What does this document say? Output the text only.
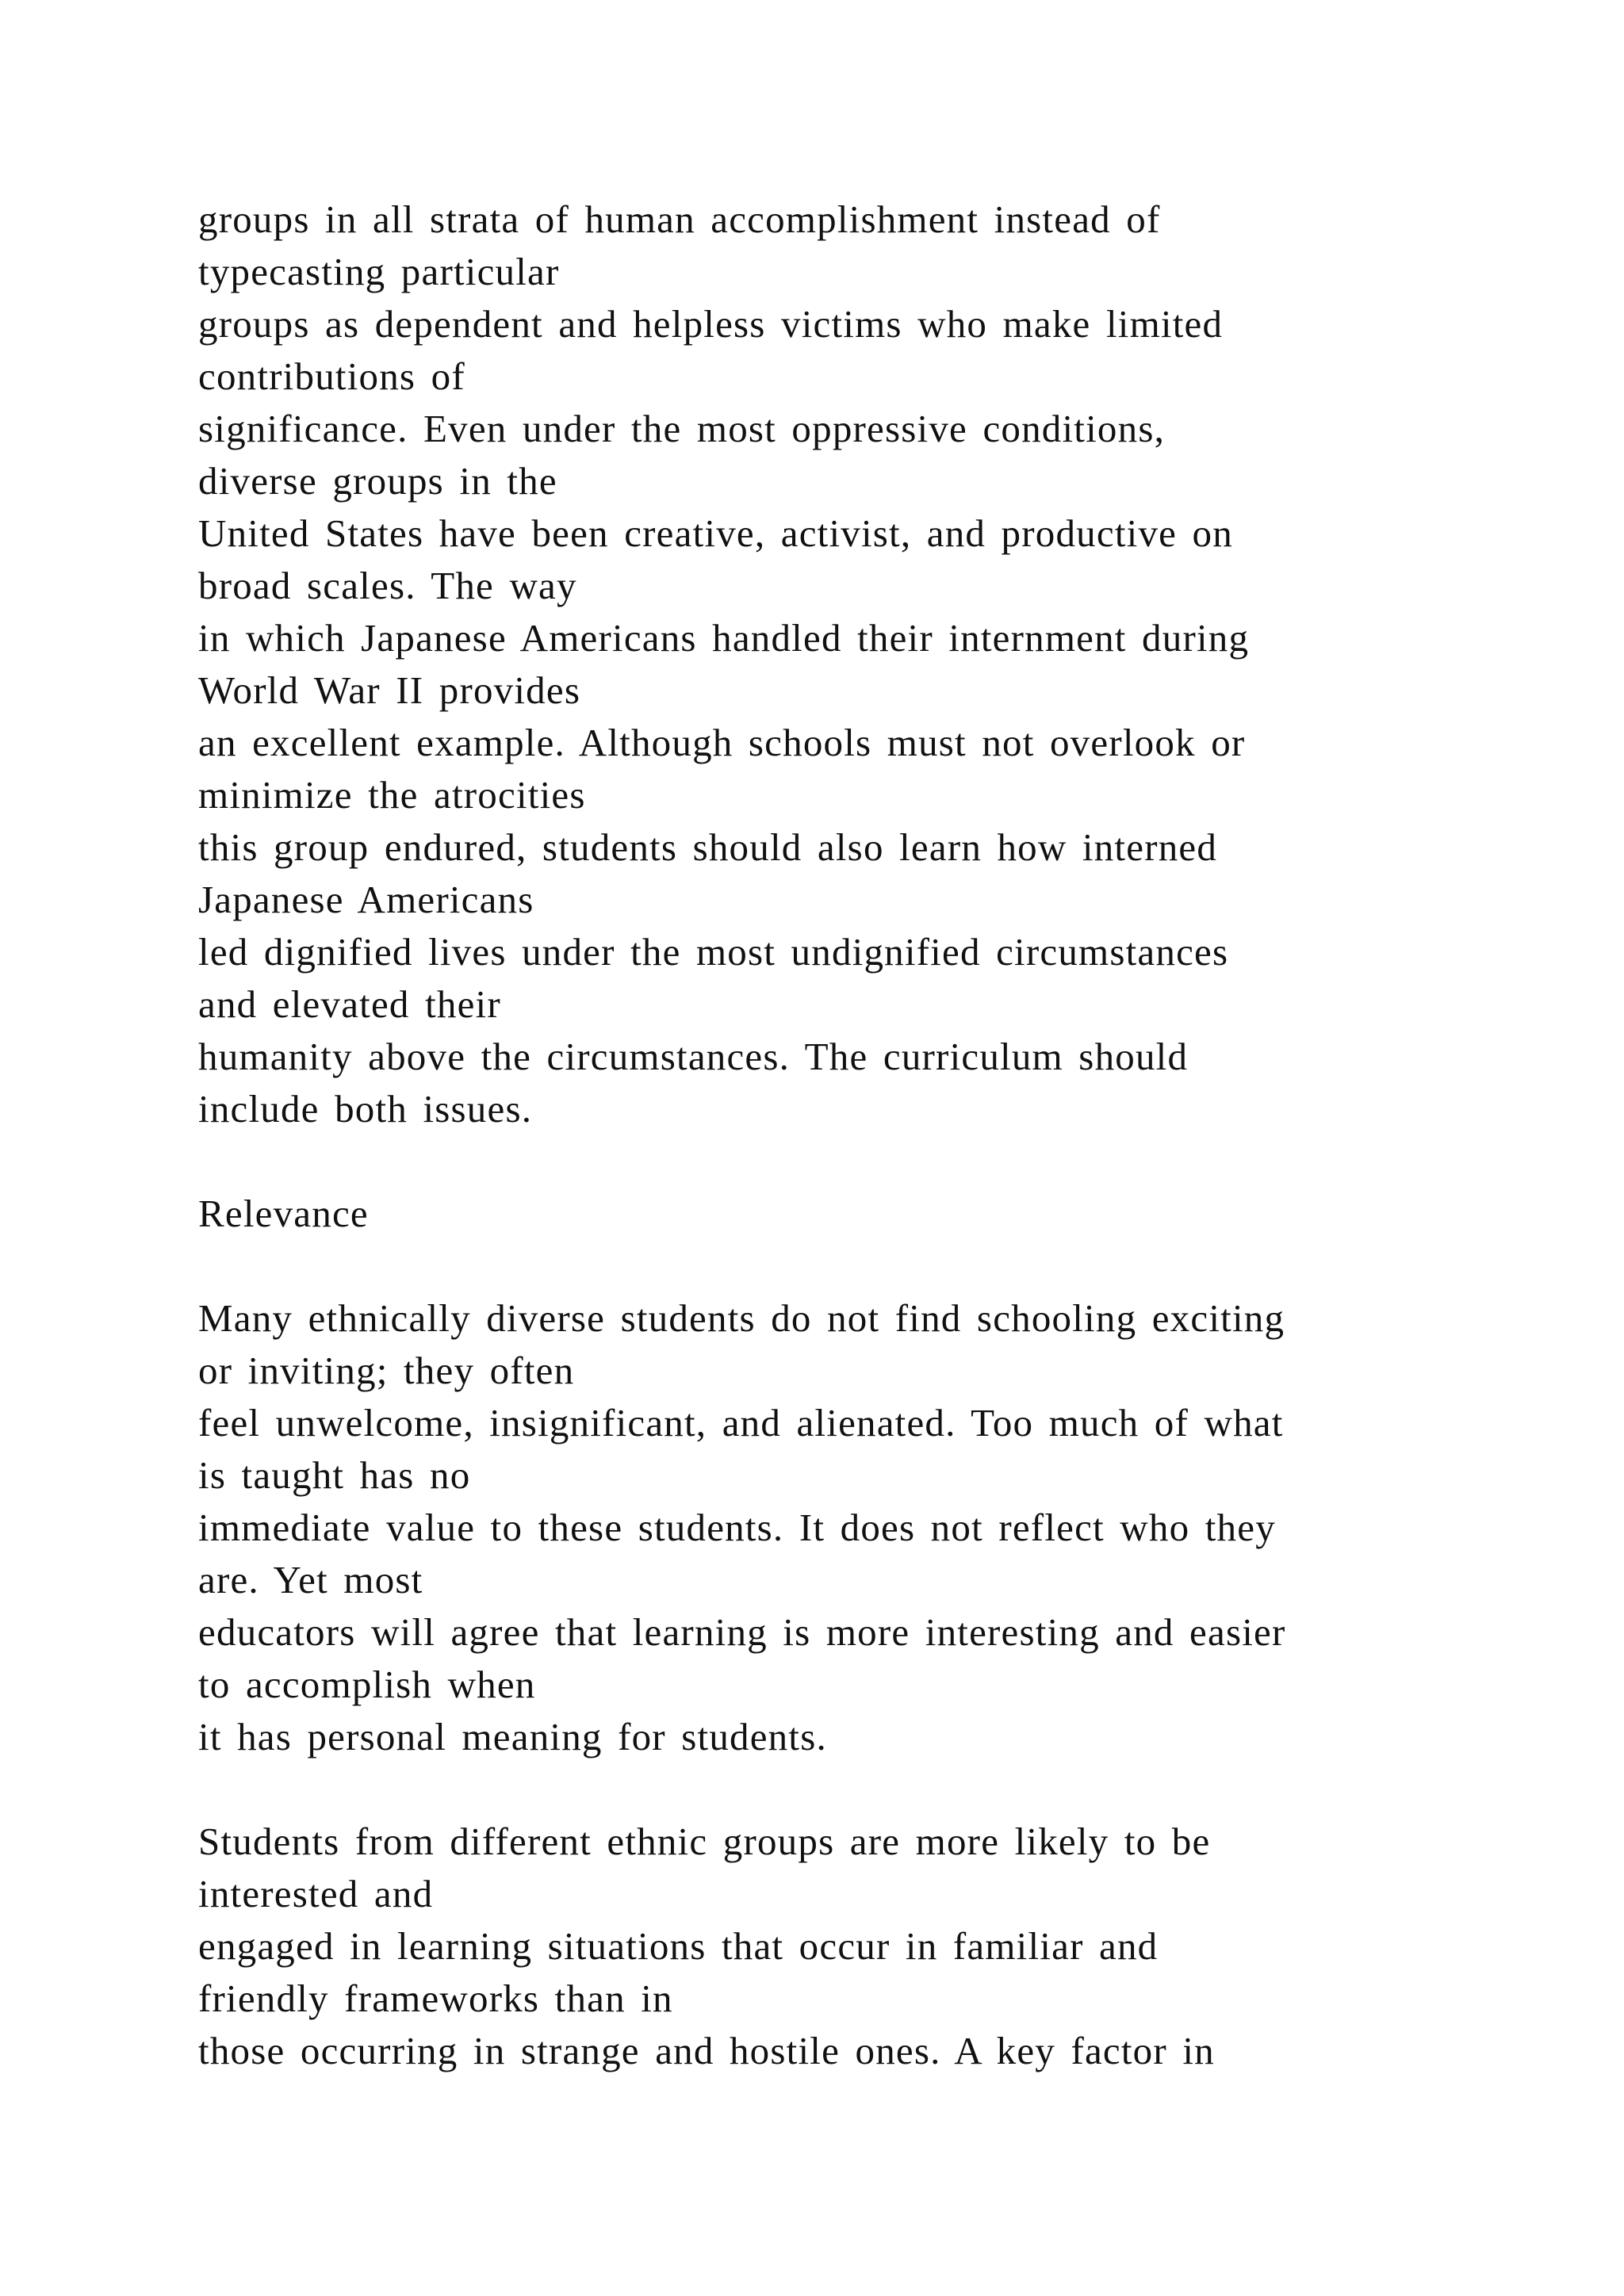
groups in all strata of human accomplishment instead of
typecasting particular
groups as dependent and helpless victims who make limited
contributions of
significance. Even under the most oppressive conditions,
diverse groups in the
United States have been creative, activist, and productive on
broad scales. The way
in which Japanese Americans handled their internment during
World War II provides
an excellent example. Although schools must not overlook or
minimize the atrocities
this group endured, students should also learn how interned
Japanese Americans
led dignified lives under the most undignified circumstances
and elevated their
humanity above the circumstances. The curriculum should
include both issues.
Relevance
Many ethnically diverse students do not find schooling exciting
or inviting; they often
feel unwelcome, insignificant, and alienated. Too much of what
is taught has no
immediate value to these students. It does not reflect who they
are. Yet most
educators will agree that learning is more interesting and easier
to accomplish when
it has personal meaning for students.
Students from different ethnic groups are more likely to be
interested and
engaged in learning situations that occur in familiar and
friendly frameworks than in
those occurring in strange and hostile ones. A key factor in
